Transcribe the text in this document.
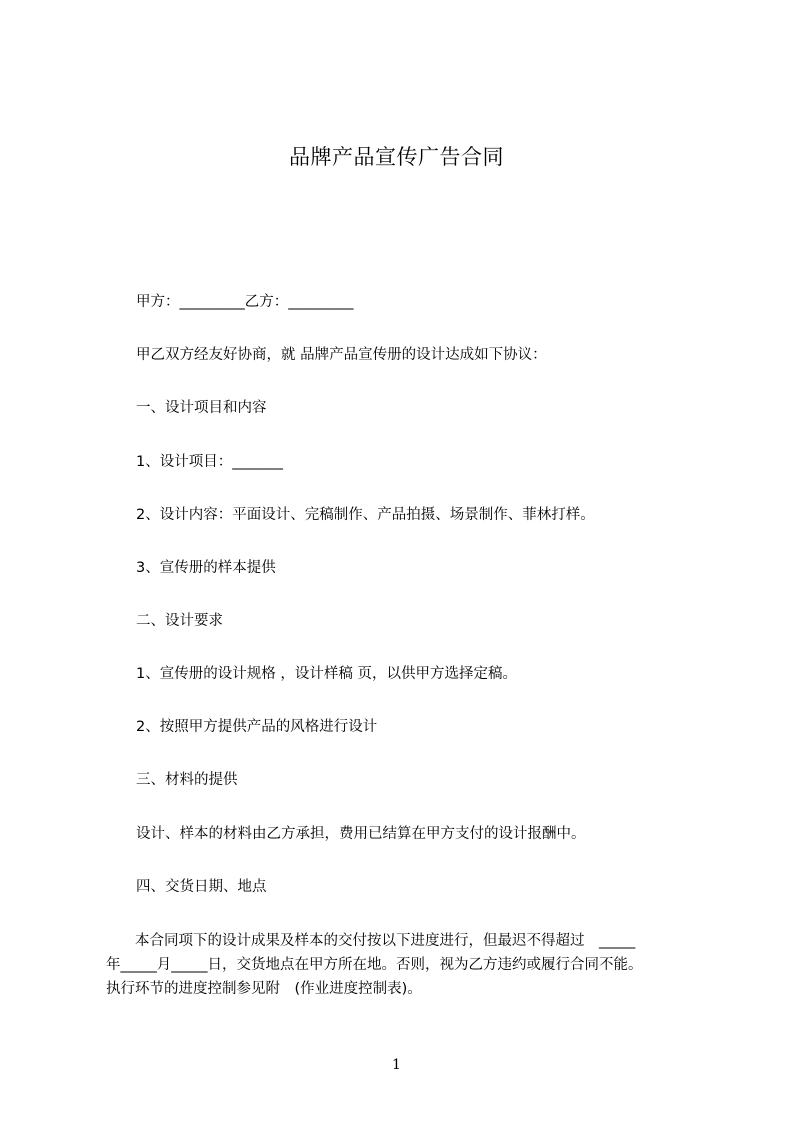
品牌产品宣传广告合同
甲方：_________乙方：_________
甲乙双方经友好协商，就 品牌产品宣传册的设计达成如下协议：
一、设计项目和内容
1、设计项目：_______
2、设计内容：平面设计、完稿制作、产品拍摄、场景制作、菲林打样。
3、宣传册的样本提供
二、设计要求
1、宣传册的设计规格 ，设计样稿 页，以供甲方选择定稿。
2、按照甲方提供产品的风格进行设计
三、材料的提供
设计、样本的材料由乙方承担，费用已结算在甲方支付的设计报酬中。
四、交货日期、地点
　　本合同项下的设计成果及样本的交付按以下进度进行，但最迟不得超过　_____
年_____月_____日，交货地点在甲方所在地。否则，视为乙方违约或履行合同不能。
执行环节的进度控制参见附　(作业进度控制表)。
1
